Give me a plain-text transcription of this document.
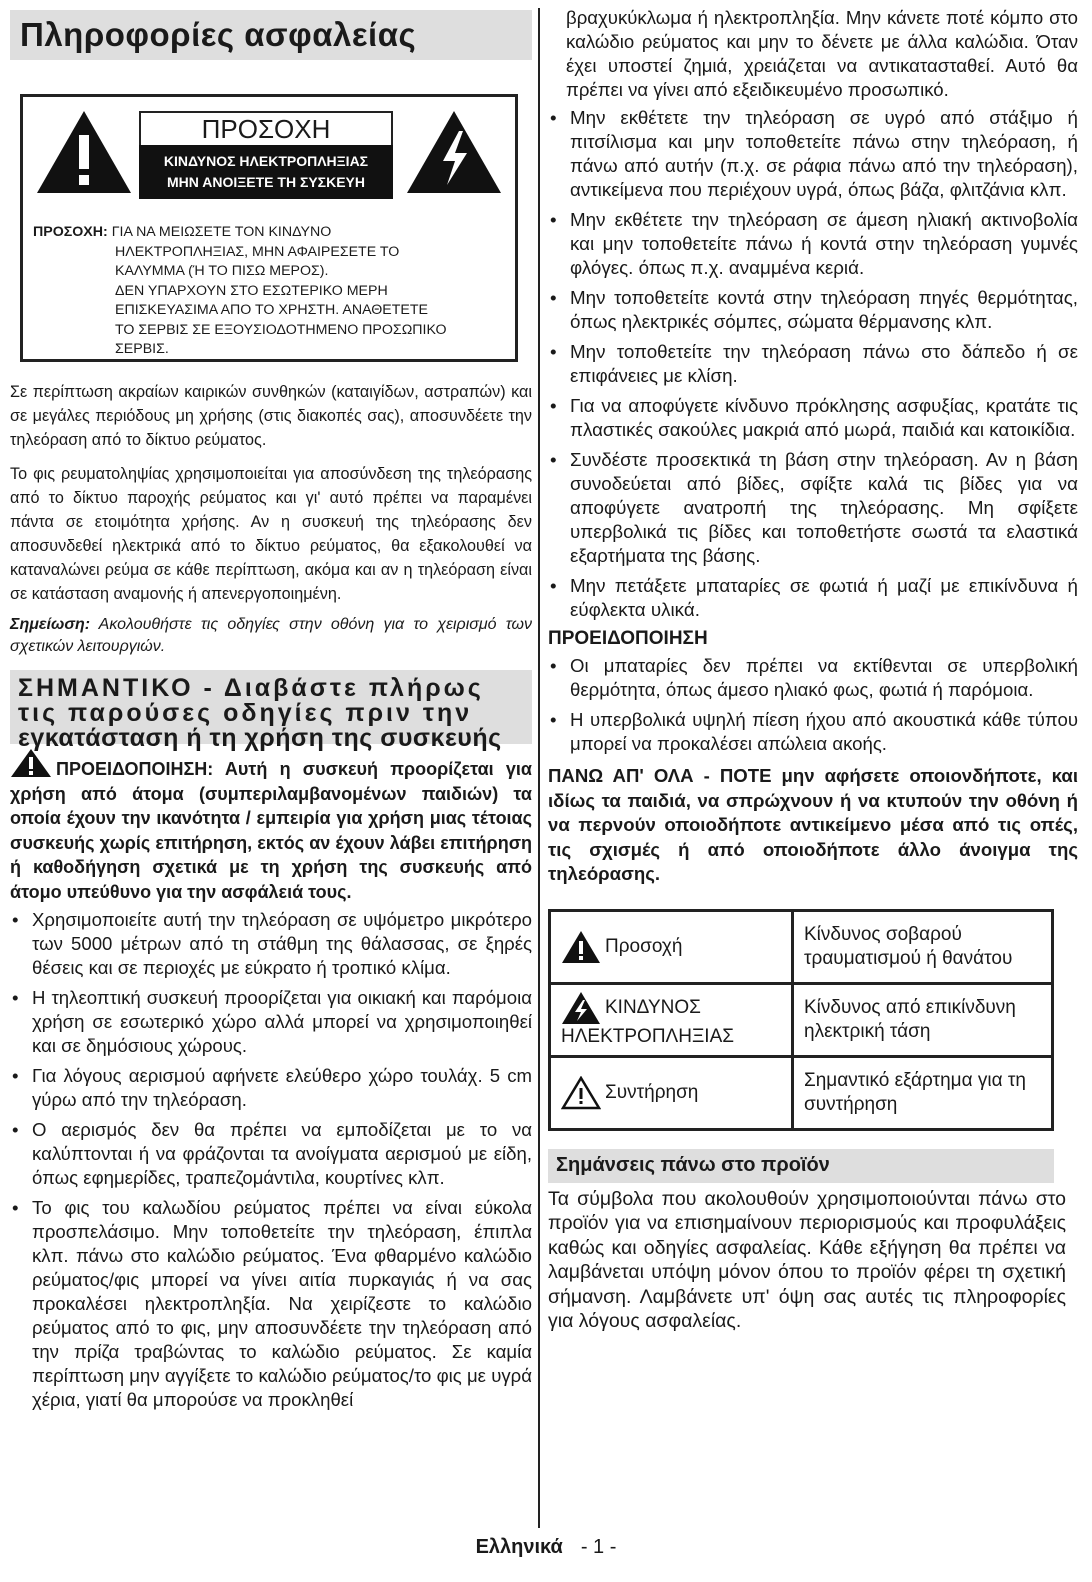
Πληροφορίες ασφαλείας
ΠΡΟΣΟΧΗ
ΚΙΝΔΥΝΟΣ ΗΛΕΚΤΡΟΠΛΗΞΙΑΣ
ΜΗΝ ΑΝΟΙΞΕΤΕ ΤΗ ΣΥΣΚΕΥΗ
ΠΡΟΣΟΧΗ: ΓΙΑ ΝΑ ΜΕΙΩΣΕΤΕ ΤΟΝ ΚΙΝΔΥΝΟ
ΗΛΕΚΤΡΟΠΛΗΞΙΑΣ, ΜΗΝ ΑΦΑΙΡΕΣΕΤΕ ΤΟ
ΚΑΛΥΜΜΑ (Ή ΤΟ ΠΙΣΩ ΜΕΡΟΣ).
ΔΕΝ ΥΠΑΡΧΟΥΝ ΣΤΟ ΕΣΩΤΕΡΙΚΟ ΜΕΡΗ
ΕΠΙΣΚΕΥΑΣΙΜΑ ΑΠΟ ΤΟ ΧΡΗΣΤΗ. ΑΝΑΘΕΤΕΤΕ
ΤΟ ΣΕΡΒΙΣ ΣΕ ΕΞΟΥΣΙΟΔΟΤΗΜΕΝΟ ΠΡΟΣΩΠΙΚΟ
ΣΕΡΒΙΣ.

Σε περίπτωση ακραίων καιρικών συνθηκών (καταιγίδων, αστραπών) και σε μεγάλες περιόδους μη χρήσης (στις διακοπές σας), αποσυνδέετε την τηλεόραση από το δίκτυο ρεύματος.

Το φις ρευματοληψίας χρησιμοποιείται για αποσύνδεση της τηλεόρασης από το δίκτυο παροχής ρεύματος και γι' αυτό πρέπει να παραμένει πάντα σε ετοιμότητα χρήσης. Αν η συσκευή της τηλεόρασης δεν αποσυνδεθεί ηλεκτρικά από το δίκτυο ρεύματος, θα εξακολουθεί να καταναλώνει ρεύμα σε κάθε περίπτωση, ακόμα και αν η τηλεόραση είναι σε κατάσταση αναμονής ή απενεργοποιημένη.

Σημείωση: Ακολουθήστε τις οδηγίες στην οθόνη για το χειρισμό των σχετικών λειτουργιών.

ΣΗΜΑΝΤΙΚΟ - Διαβάστε πλήρως
τις παρούσες οδηγίες πριν την
εγκατάσταση ή τη χρήση της συσκευής
ΠΡΟΕΙΔΟΠΟΙΗΣΗ: Αυτή η συσκευή προορίζεται για χρήση από άτομα (συμπεριλαμβανομένων παιδιών) τα οποία έχουν την ικανότητα / εμπειρία για χρήση μιας τέτοιας συσκευής χωρίς επιτήρηση, εκτός αν έχουν λάβει επιτήρηση ή καθοδήγηση σχετικά με τη χρήση της συσκευής από άτομο υπεύθυνο για την ασφάλειά τους.
• Χρησιμοποιείτε αυτή την τηλεόραση σε υψόμετρο μικρότερο των 5000 μέτρων από τη στάθμη της θάλασσας, σε ξηρές θέσεις και σε περιοχές με εύκρατο ή τροπικό κλίμα.
• Η τηλεοπτική συσκευή προορίζεται για οικιακή και παρόμοια χρήση σε εσωτερικό χώρο αλλά μπορεί να χρησιμοποιηθεί και σε δημόσιους χώρους.
• Για λόγους αερισμού αφήνετε ελεύθερο χώρο τουλάχ. 5 cm γύρω από την τηλεόραση.
• Ο αερισμός δεν θα πρέπει να εμποδίζεται με το να καλύπτονται ή να φράζονται τα ανοίγματα αερισμού με είδη, όπως εφημερίδες, τραπεζομάντιλα, κουρτίνες κλπ.
• Το φις του καλωδίου ρεύματος πρέπει να είναι εύκολα προσπελάσιμο. Μην τοποθετείτε την τηλεόραση, έπιπλα κλπ. πάνω στο καλώδιο ρεύματος. Ένα φθαρμένο καλώδιο ρεύματος/φις μπορεί να γίνει αιτία πυρκαγιάς ή να σας προκαλέσει ηλεκτροπληξία. Να χειρίζεστε το καλώδιο ρεύματος από το φις, μην αποσυνδέετε την τηλεόραση από την πρίζα τραβώντας το καλώδιο ρεύματος. Σε καμία περίπτωση μην αγγίξετε το καλώδιο ρεύματος/το φις με υγρά χέρια, γιατί θα μπορούσε να προκληθεί
βραχυκύκλωμα ή ηλεκτροπληξία. Μην κάνετε ποτέ κόμπο στο καλώδιο ρεύματος και μην το δένετε με άλλα καλώδια. Όταν έχει υποστεί ζημιά, χρειάζεται να αντικατασταθεί. Αυτό θα πρέπει να γίνει από εξειδικευμένο προσωπικό.
• Μην εκθέτετε την τηλεόραση σε υγρό από στάξιμο ή πιτσίλισμα και μην τοποθετείτε πάνω στην τηλεόραση, ή πάνω από αυτήν (π.χ. σε ράφια πάνω από την τηλεόραση), αντικείμενα που περιέχουν υγρά, όπως βάζα, φλιτζάνια κλπ.
• Μην εκθέτετε την τηλεόραση σε άμεση ηλιακή ακτινοβολία και μην τοποθετείτε πάνω ή κοντά στην τηλεόραση γυμνές φλόγες. όπως π.χ. αναμμένα κεριά.
• Μην τοποθετείτε κοντά στην τηλεόραση πηγές θερμότητας, όπως ηλεκτρικές σόμπες, σώματα θέρμανσης κλπ.
• Μην τοποθετείτε την τηλεόραση πάνω στο δάπεδο ή σε επιφάνειες με κλίση.
• Για να αποφύγετε κίνδυνο πρόκλησης ασφυξίας, κρατάτε τις πλαστικές σακούλες μακριά από μωρά, παιδιά και κατοικίδια.
• Συνδέστε προσεκτικά τη βάση στην τηλεόραση. Αν η βάση συνοδεύεται από βίδες, σφίξτε καλά τις βίδες για να αποφύγετε ανατροπή της τηλεόρασης. Μη σφίξετε υπερβολικά τις βίδες και τοποθετήστε σωστά τα ελαστικά εξαρτήματα της βάσης.
• Μην πετάξετε μπαταρίες σε φωτιά ή μαζί με επικίνδυνα ή εύφλεκτα υλικά.
ΠΡΟΕΙΔΟΠΟΙΗΣΗ
• Οι μπαταρίες δεν πρέπει να εκτίθενται σε υπερβολική θερμότητα, όπως άμεσο ηλιακό φως, φωτιά ή παρόμοια.
• Η υπερβολικά υψηλή πίεση ήχου από ακουστικά κάθε τύπου μπορεί να προκαλέσει απώλεια ακοής.
ΠΑΝΩ ΑΠ' ΟΛΑ - ΠΟΤΕ μην αφήσετε οποιονδήποτε, και ιδίως τα παιδιά, να σπρώχνουν ή να κτυπούν την οθόνη ή να περνούν οποιοδήποτε αντικείμενο μέσα από τις οπές, τις σχισμές ή από οποιοδήποτε άλλο άνοιγμα της τηλεόρασης.
Προσοχή	Κίνδυνος σοβαρού τραυματισμού ή θανάτου

ΚΙΝΔΥΝΟΣ
ΗΛΕΚΤΡΟΠΛΗΞΙΑΣ	Κίνδυνος από επικίνδυνη ηλεκτρική τάση
Συντήρηση	Σημαντικό εξάρτημα για τη συντήρηση
Σημάνσεις πάνω στο προϊόν
Τα σύμβολα που ακολουθούν χρησιμοποιούνται πάνω στο προϊόν για να επισημαίνουν περιορισμούς και προφυλάξεις καθώς και οδηγίες ασφαλείας. Κάθε εξήγηση θα πρέπει να λαμβάνεται υπόψη μόνον όπου το προϊόν φέρει τη σχετική σήμανση. Λαμβάνετε υπ' όψη σας αυτές τις πληροφορίες για λόγους ασφαλείας.
Ελληνικά - 1 -
